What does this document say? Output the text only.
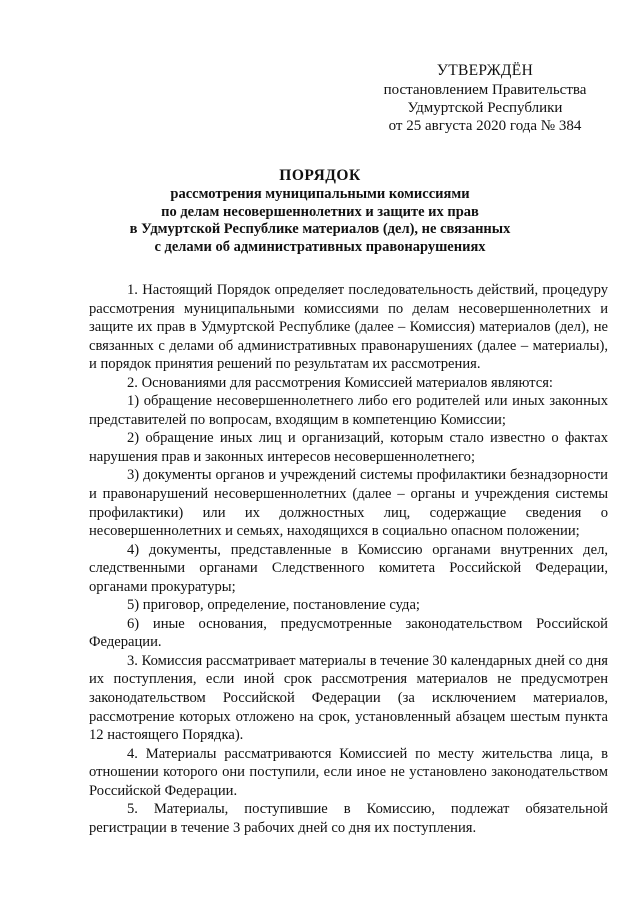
УТВЕРЖДЁН
постановлением Правительства
Удмуртской Республики
от 25 августа 2020 года № 384
ПОРЯДОК
рассмотрения муниципальными комиссиями
по делам несовершеннолетних и защите их прав
в Удмуртской Республике материалов (дел), не связанных
с делами об административных правонарушениях

1. Настоящий Порядок определяет последовательность действий, процедуру рассмотрения муниципальными комиссиями по делам несовершеннолетних и защите их прав в Удмуртской Республике (далее – Комиссия) материалов (дел), не связанных с делами об административных правонарушениях (далее – материалы), и порядок принятия решений по результатам их рассмотрения.

2. Основаниями для рассмотрения Комиссией материалов являются:

1) обращение несовершеннолетнего либо его родителей или иных законных представителей по вопросам, входящим в компетенцию Комиссии;

2) обращение иных лиц и организаций, которым стало известно о фактах нарушения прав и законных интересов несовершеннолетнего;

3) документы органов и учреждений системы профилактики безнадзорности и правонарушений несовершеннолетних (далее – органы и учреждения системы профилактики) или их должностных лиц, содержащие сведения о несовершеннолетних и семьях, находящихся в социально опасном положении;

4) документы, представленные в Комиссию органами внутренних дел, следственными органами Следственного комитета Российской Федерации, органами прокуратуры;

5) приговор, определение, постановление суда;

6) иные основания, предусмотренные законодательством Российской Федерации.

3. Комиссия рассматривает материалы в течение 30 календарных дней со дня их поступления, если иной срок рассмотрения материалов не предусмотрен законодательством Российской Федерации (за исключением материалов, рассмотрение которых отложено на срок, установленный абзацем шестым пункта 12 настоящего Порядка).

4. Материалы рассматриваются Комиссией по месту жительства лица, в отношении которого они поступили, если иное не установлено законодательством Российской Федерации.

5. Материалы, поступившие в Комиссию, подлежат обязательной регистрации в течение 3 рабочих дней со дня их поступления.
